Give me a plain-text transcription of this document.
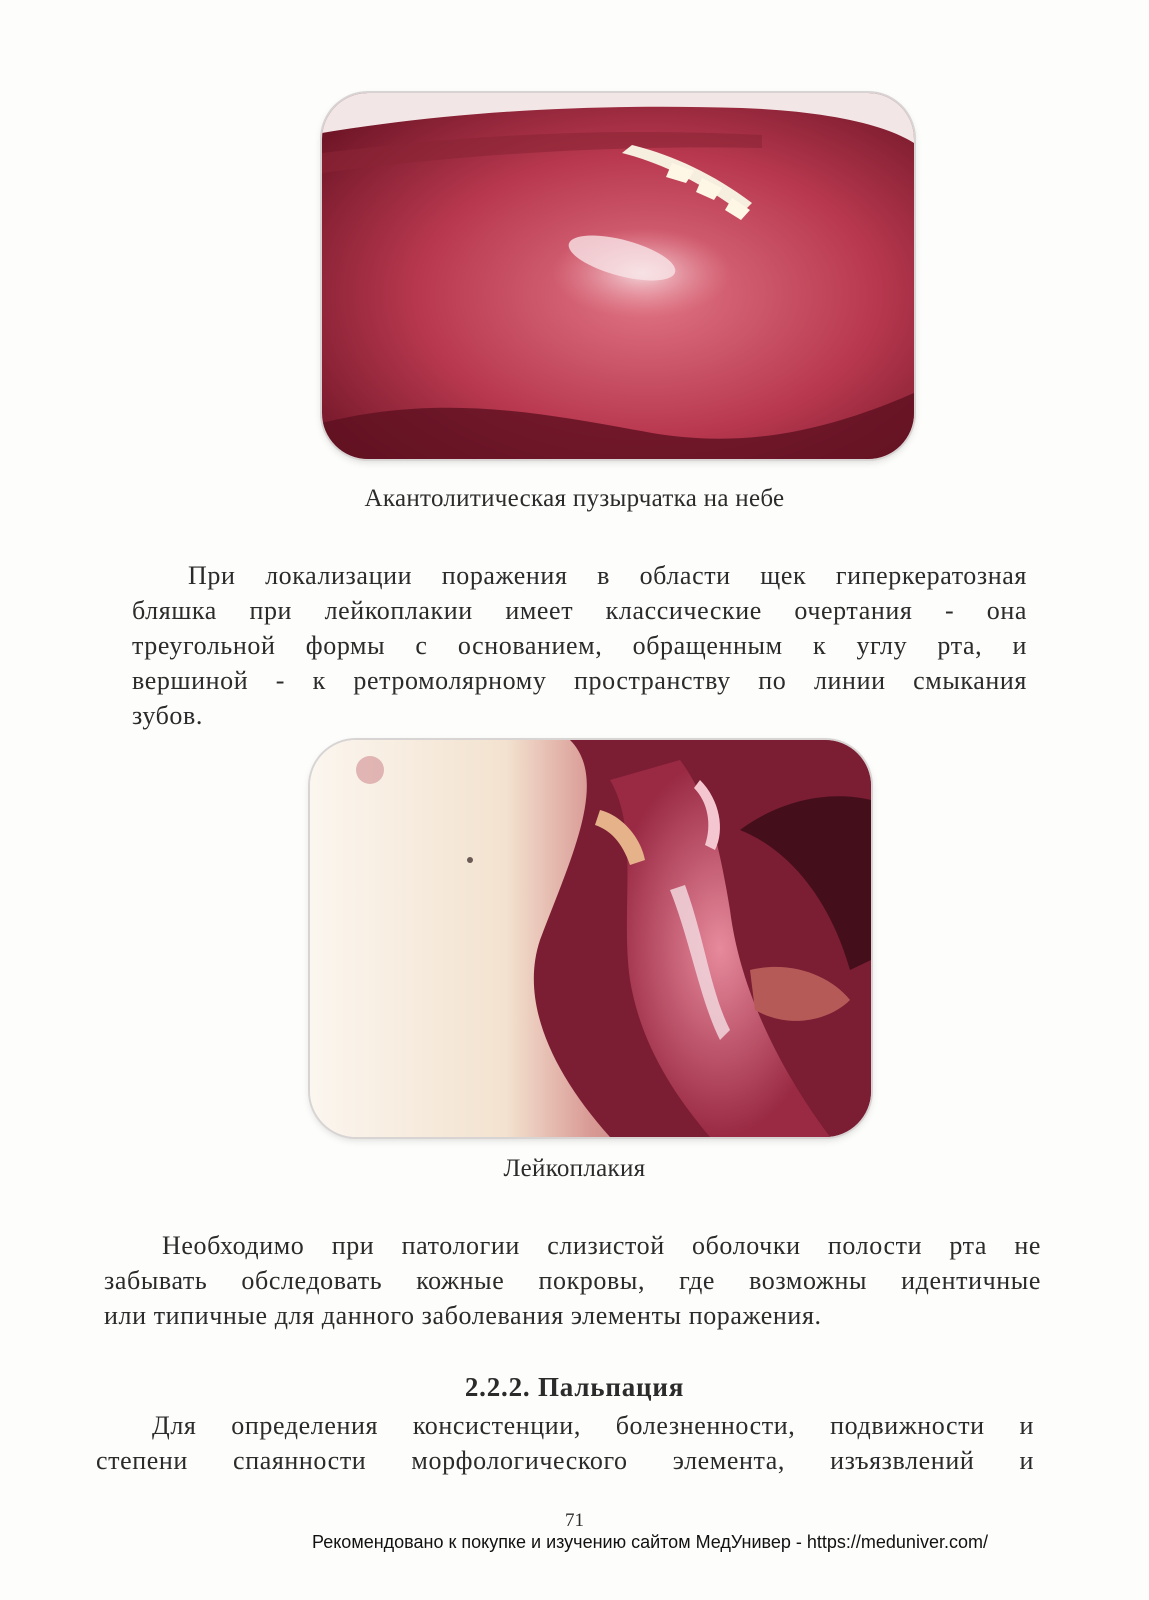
Акантолитическая пузырчатка на небе
При локализации поражения в области щек гиперкератозная
бляшка при лейкоплакии имеет классические очертания - она
треугольной формы с основанием, обращенным к углу рта, и
вершиной - к ретромолярному пространству по линии смыкания
зубов.
Лейкоплакия
Необходимо при патологии слизистой оболочки полости рта не
забывать обследовать кожные покровы, где возможны идентичные
или типичные для данного заболевания элементы поражения.
2.2.2. Пальпация
Для определения консистенции, болезненности, подвижности и
степени спаянности морфологического элемента, изъязвлений и
71
Рекомендовано к покупке и изучению сайтом МедУнивер - https://meduniver.com/
